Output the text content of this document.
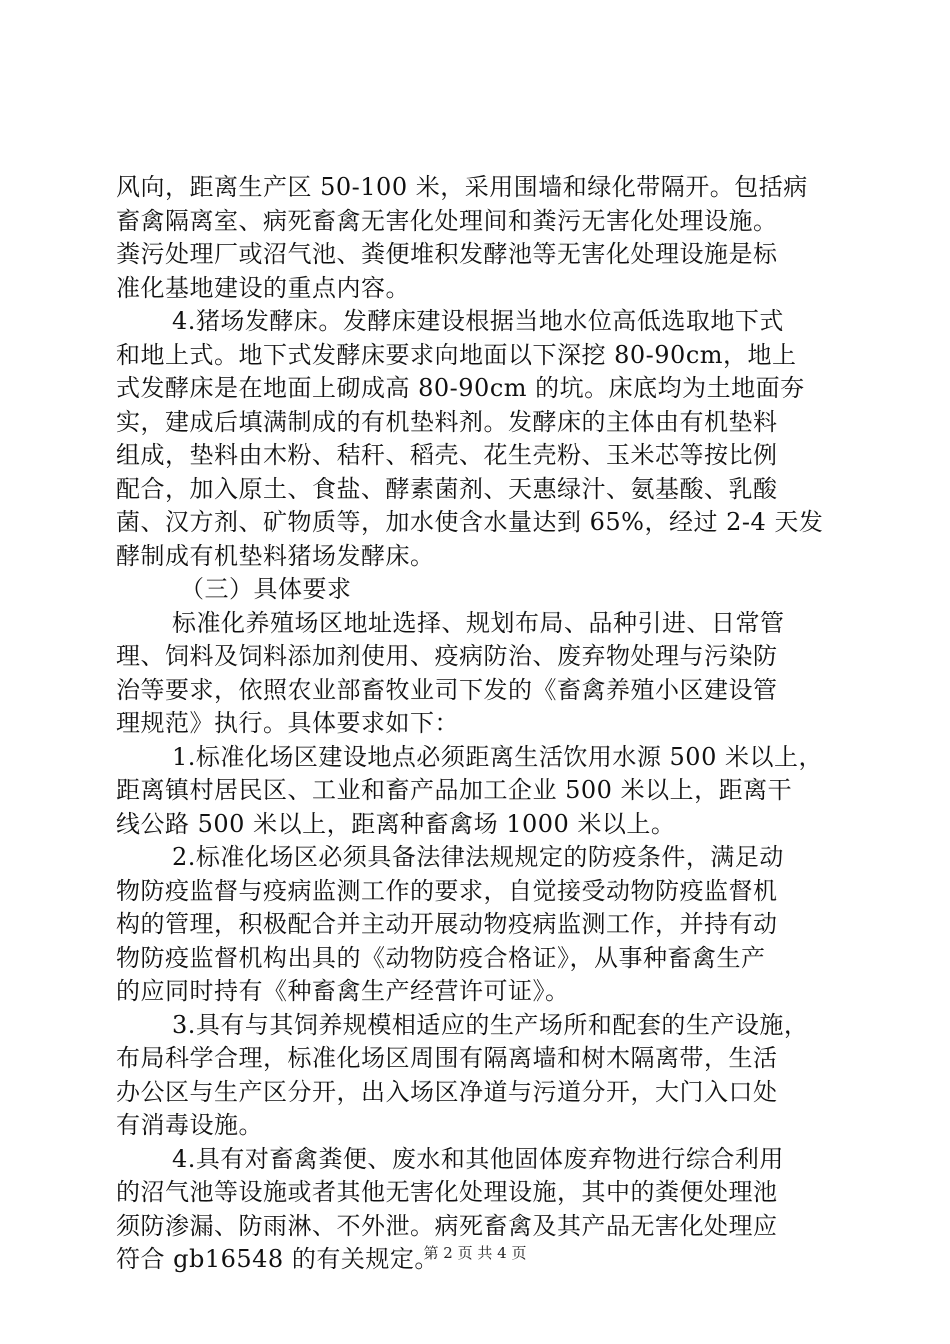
风向，距离生产区 50-100 米，采用围墙和绿化带隔开。包括病
畜禽隔离室、病死畜禽无害化处理间和粪污无害化处理设施。
粪污处理厂或沼气池、粪便堆积发酵池等无害化处理设施是标
准化基地建设的重点内容。
4.猪场发酵床。发酵床建设根据当地水位高低选取地下式
和地上式。地下式发酵床要求向地面以下深挖 80-90cm，地上
式发酵床是在地面上砌成高 80-90cm 的坑。床底均为土地面夯
实，建成后填满制成的有机垫料剂。发酵床的主体由有机垫料
组成，垫料由木粉、秸秆、稻壳、花生壳粉、玉米芯等按比例
配合，加入原土、食盐、酵素菌剂、天惠绿汁、氨基酸、乳酸
菌、汉方剂、矿物质等，加水使含水量达到 65%，经过 2-4 天发
酵制成有机垫料猪场发酵床。
（三）具体要求
标准化养殖场区地址选择、规划布局、品种引进、日常管
理、饲料及饲料添加剂使用、疫病防治、废弃物处理与污染防
治等要求，依照农业部畜牧业司下发的《畜禽养殖小区建设管
理规范》执行。具体要求如下：
1.标准化场区建设地点必须距离生活饮用水源 500 米以上，
距离镇村居民区、工业和畜产品加工企业 500 米以上，距离干
线公路 500 米以上，距离种畜禽场 1000 米以上。
2.标准化场区必须具备法律法规规定的防疫条件，满足动
物防疫监督与疫病监测工作的要求，自觉接受动物防疫监督机
构的管理，积极配合并主动开展动物疫病监测工作，并持有动
物防疫监督机构出具的《动物防疫合格证》，从事种畜禽生产
的应同时持有《种畜禽生产经营许可证》。
3.具有与其饲养规模相适应的生产场所和配套的生产设施，
布局科学合理，标准化场区周围有隔离墙和树木隔离带，生活
办公区与生产区分开，出入场区净道与污道分开，大门入口处
有消毒设施。
4.具有对畜禽粪便、废水和其他固体废弃物进行综合利用
的沼气池等设施或者其他无害化处理设施，其中的粪便处理池
须防渗漏、防雨淋、不外泄。病死畜禽及其产品无害化处理应
符合 gb16548 的有关规定。
第 2 页 共 4 页
